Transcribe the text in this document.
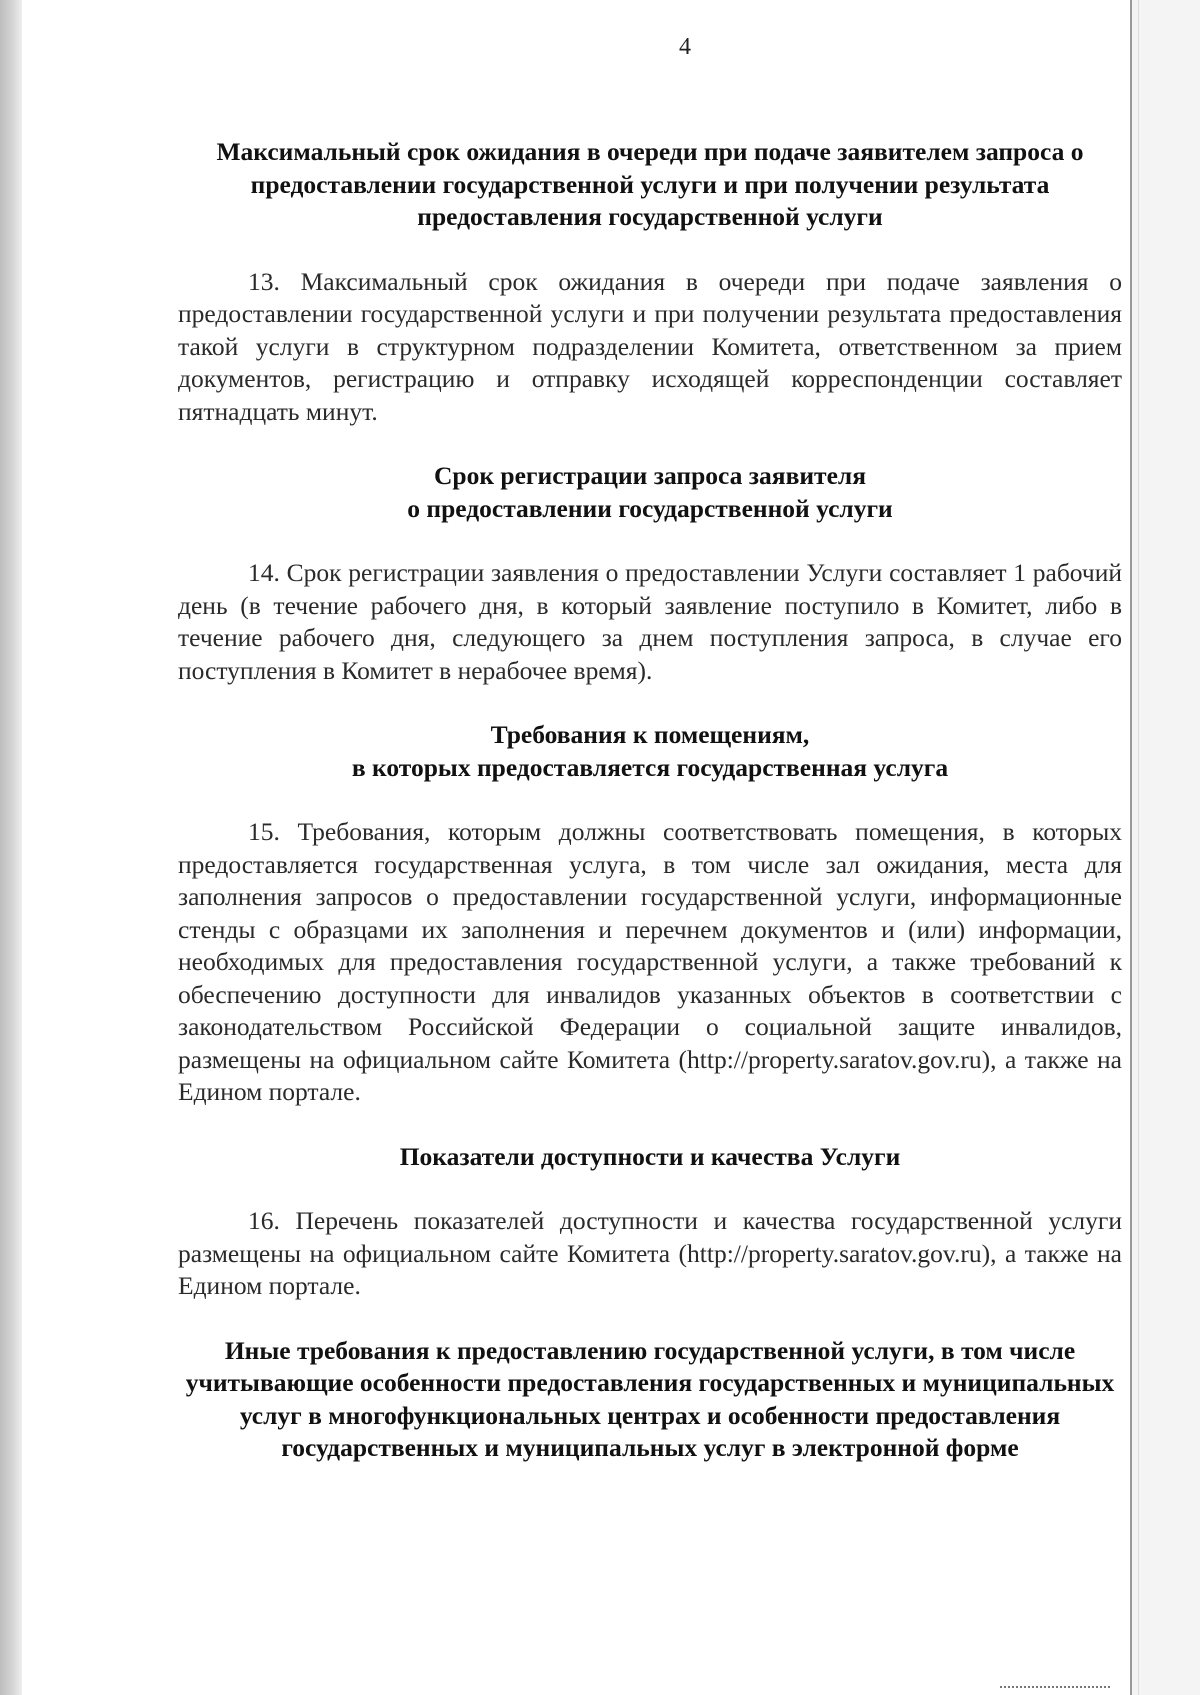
4

Максимальный срок ожидания в очереди при подаче заявителем запроса о предоставлении государственной услуги и при получении результата предоставления государственной услуги

13. Максимальный срок ожидания в очереди при подаче заявления о предоставлении государственной услуги и при получении результата предоставления такой услуги в структурном подразделении Комитета, ответственном за прием документов, регистрацию и отправку исходящей корреспонденции составляет пятнадцать минут.

Срок регистрации запроса заявителя

о предоставлении государственной услуги

14. Срок регистрации заявления о предоставлении Услуги составляет 1 рабочий день (в течение рабочего дня, в который заявление поступило в Комитет, либо в течение рабочего дня, следующего за днем поступления запроса, в случае его поступления в Комитет в нерабочее время).

Требования к помещениям,

в которых предоставляется государственная услуга

15. Требования, которым должны соответствовать помещения, в которых предоставляется государственная услуга, в том числе зал ожидания, места для заполнения запросов о предоставлении государственной услуги, информационные стенды с образцами их заполнения и перечнем документов и (или) информации, необходимых для предоставления государственной услуги, а также требований к обеспечению доступности для инвалидов указанных объектов в соответствии с законодательством Российской Федерации о социальной защите инвалидов, размещены на официальном сайте Комитета (http://property.saratov.gov.ru), а также на Едином портале.

Показатели доступности и качества Услуги

16. Перечень показателей доступности и качества государственной услуги размещены на официальном сайте Комитета (http://property.saratov.gov.ru), а также на Едином портале.

Иные требования к предоставлению государственной услуги, в том числе учитывающие особенности предоставления государственных и муниципальных услуг в многофункциональных центрах и особенности предоставления государственных и муниципальных услуг в электронной форме
